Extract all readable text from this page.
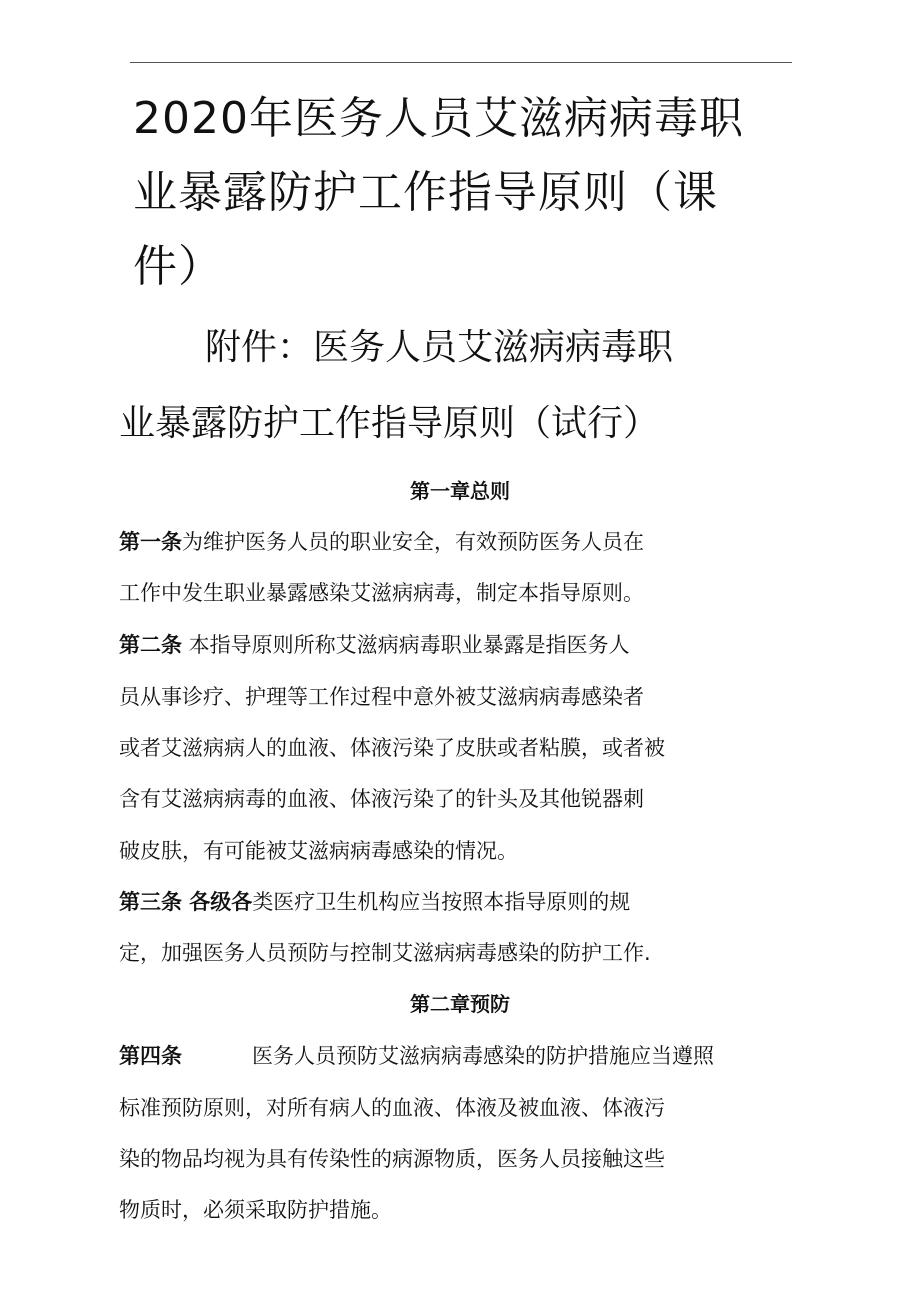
2020年医务人员艾滋病病毒职
业暴露防护工作指导原则（课
件）
附件：医务人员艾滋病病毒职
业暴露防护工作指导原则（试行）
第一章总则
第一条为维护医务人员的职业安全，有效预防医务人员在
工作中发生职业暴露感染艾滋病病毒，制定本指导原则。
第二条 本指导原则所称艾滋病病毒职业暴露是指医务人
员从事诊疗、护理等工作过程中意外被艾滋病病毒感染者
或者艾滋病病人的血液、体液污染了皮肤或者粘膜，或者被
含有艾滋病病毒的血液、体液污染了的针头及其他锐器刺
破皮肤，有可能被艾滋病病毒感染的情况。
第三条 各级各类医疗卫生机构应当按照本指导原则的规
定，加强医务人员预防与控制艾滋病病毒感染的防护工作.
第二章预防
第四条	医务人员预防艾滋病病毒感染的防护措施应当遵照
标准预防原则，对所有病人的血液、体液及被血液、体液污
染的物品均视为具有传染性的病源物质，医务人员接触这些
物质时，必须采取防护措施。
